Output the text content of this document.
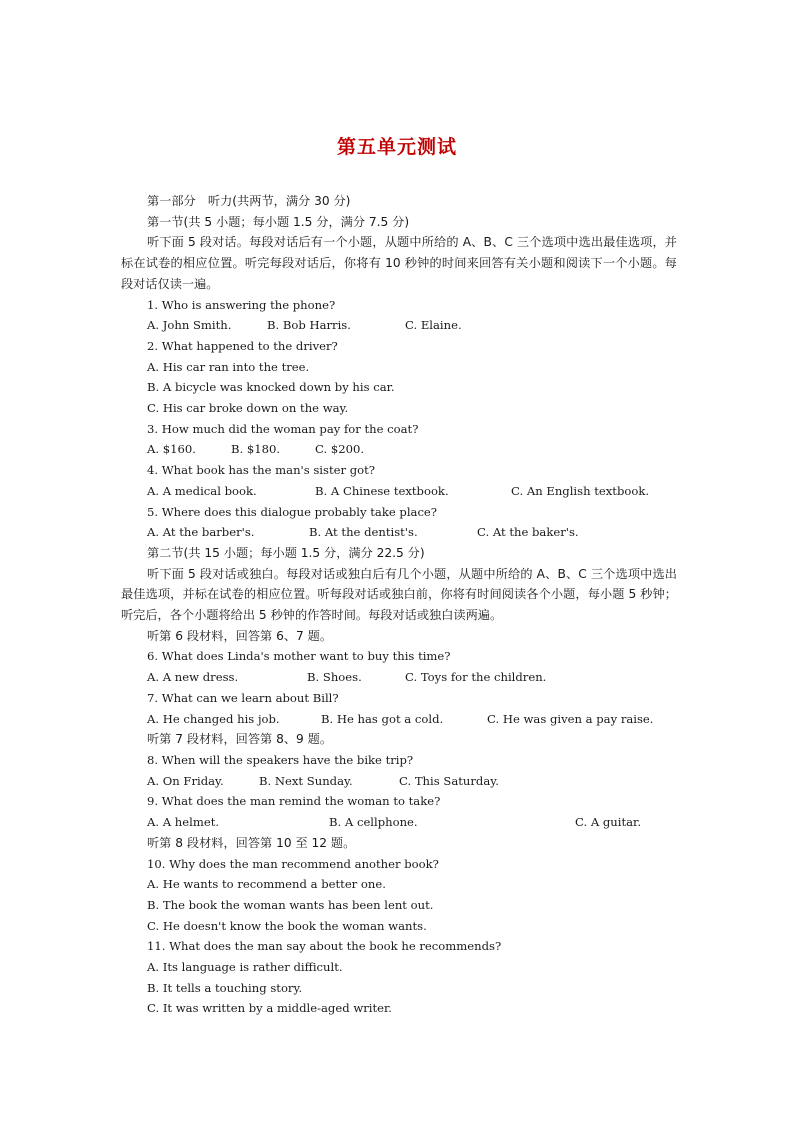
第五单元测试

第一部分　听力(共两节，满分 30 分)

第一节(共 5 小题；每小题 1.5 分，满分 7.5 分)

听下面 5 段对话。每段对话后有一个小题，从题中所给的 A、B、C 三个选项中选出最佳选项，并标在试卷的相应位置。听完每段对话后，你将有 10 秒钟的时间来回答有关小题和阅读下一个小题。每段对话仅读一遍。

1. Who is answering the phone?

A. John Smith.	B. Bob Harris.	C. Elaine.

2. What happened to the driver?

A. His car ran into the tree.

B. A bicycle was knocked down by his car.

C. His car broke down on the way.

3. How much did the woman pay for the coat?

A. $160.	B. $180.	C. $200.

4. What book has the man's sister got?

A. A medical book.	B. A Chinese textbook.	C. An English textbook.

5. Where does this dialogue probably take place?

A. At the barber's.	B. At the dentist's.	C. At the baker's.

第二节(共 15 小题；每小题 1.5 分，满分 22.5 分)

听下面 5 段对话或独白。每段对话或独白后有几个小题，从题中所给的 A、B、C 三个选项中选出最佳选项，并标在试卷的相应位置。听每段对话或独白前，你将有时间阅读各个小题，每小题 5 秒钟；听完后，各个小题将给出 5 秒钟的作答时间。每段对话或独白读两遍。

听第 6 段材料，回答第 6、7 题。

6. What does Linda's mother want to buy this time?

A. A new dress.	B. Shoes.	C. Toys for the children.

7. What can we learn about Bill?

A. He changed his job.	B. He has got a cold.	C. He was given a pay raise.

听第 7 段材料，回答第 8、9 题。

8. When will the speakers have the bike trip?

A. On Friday.	B. Next Sunday.	C. This Saturday.

9. What does the man remind the woman to take?

A. A helmet.	B. A cellphone.	C. A guitar.

听第 8 段材料，回答第 10 至 12 题。

10. Why does the man recommend another book?

A. He wants to recommend a better one.

B. The book the woman wants has been lent out.

C. He doesn't know the book the woman wants.

11. What does the man say about the book he recommends?

A. Its language is rather difficult.

B. It tells a touching story.

C. It was written by a middle-aged writer.
